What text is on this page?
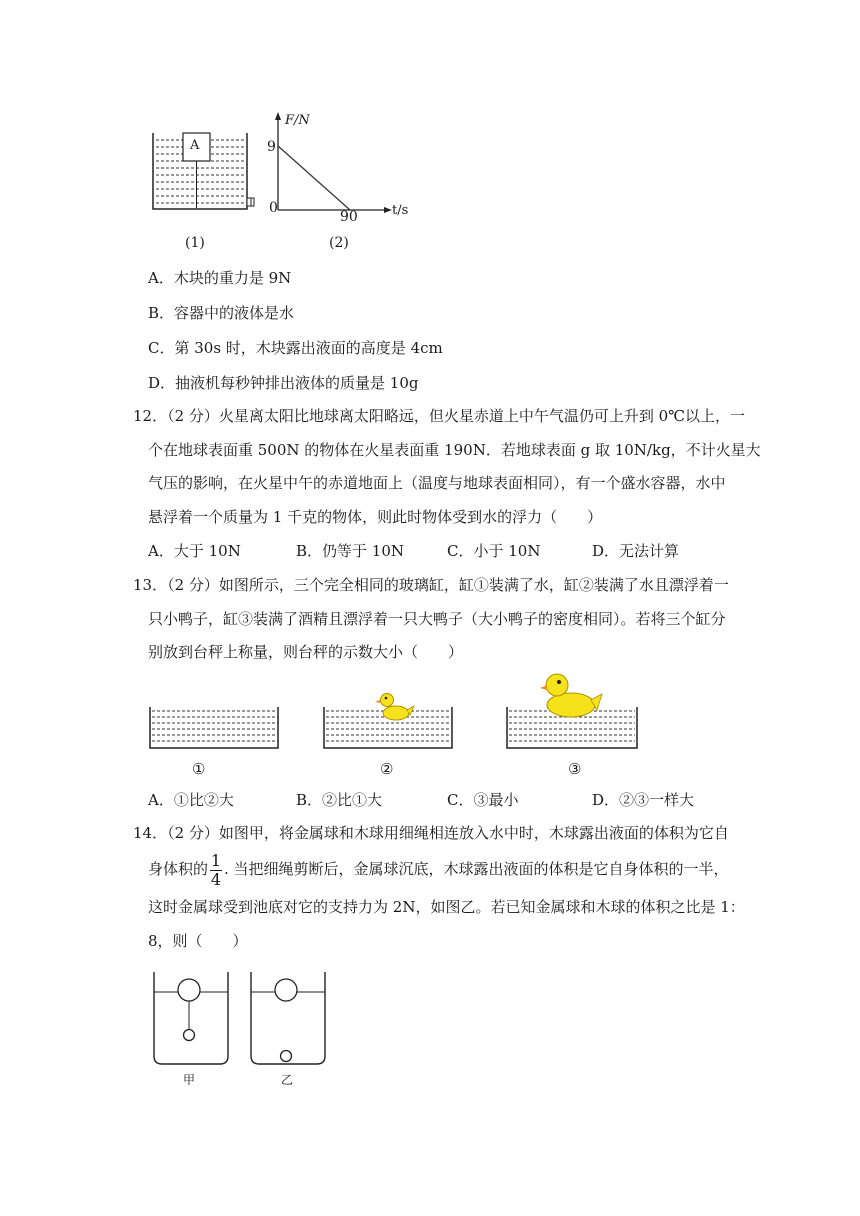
(1)
F/N
9
0
90	t/s
(2)
A
A．木块的重力是 9N
B．容器中的液体是水
C．第 30s 时，木块露出液面的高度是 4cm
D．抽液机每秒钟排出液体的质量是 10g
12．（2 分）火星离太阳比地球离太阳略远，但火星赤道上中午气温仍可上升到 0℃以上，一
个在地球表面重 500N 的物体在火星表面重 190N．若地球表面 g 取 10N/kg，不计火星大
气压的影响，在火星中午的赤道地面上（温度与地球表面相同），有一个盛水容器，水中
悬浮着一个质量为 1 千克的物体，则此时物体受到水的浮力（　　）
A．大于 10N	B．仍等于 10N	C．小于 10N	D．无法计算
13．（2 分）如图所示，三个完全相同的玻璃缸，缸①装满了水，缸②装满了水且漂浮着一
只小鸭子，缸③装满了酒精且漂浮着一只大鸭子（大小鸭子的密度相同）。若将三个缸分
别放到台秤上称量，则台秤的示数大小（　　）
①	②	③
A．①比②大	B．②比①大	C．③最小	D．②③一样大
14．（2 分）如图甲，将金属球和木球用细绳相连放入水中时，木球露出液面的体积为它自
身体积的 $\frac{1}{4}$ . 当把细绳剪断后，金属球沉底，木球露出液面的体积是它自身体积的一半，
这时金属球受到池底对它的支持力为 2N，如图乙。若已知金属球和木球的体积之比是 1：
8，则（　　）
甲	乙
